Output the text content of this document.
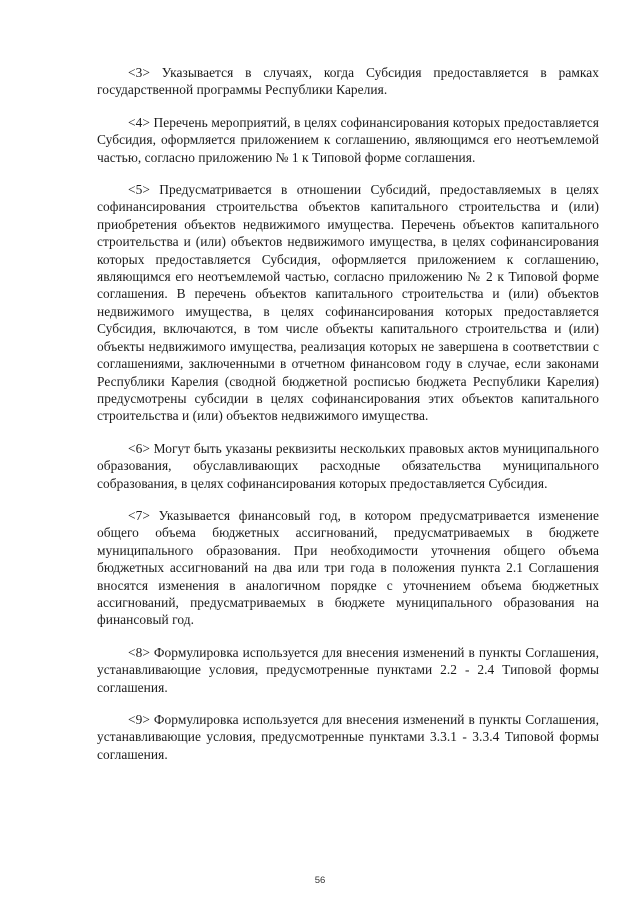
<3> Указывается в случаях, когда Субсидия предоставляется в рамках государственной программы Республики Карелия.

<4> Перечень мероприятий, в целях софинансирования которых предоставляется Субсидия, оформляется приложением к соглашению, являющимся его неотъемлемой частью, согласно приложению № 1 к Типовой форме соглашения.

<5> Предусматривается в отношении Субсидий, предоставляемых в целях софинансирования строительства объектов капитального строительства и (или) приобретения объектов недвижимого имущества. Перечень объектов капитального строительства и (или) объектов недвижимого имущества, в целях софинансирования которых предоставляется Субсидия, оформляется приложением к соглашению, являющимся его неотъемлемой частью, согласно приложению № 2 к Типовой форме соглашения. В перечень объектов капитального строительства и (или) объектов недвижимого имущества, в целях софинансирования которых предоставляется Субсидия, включаются, в том числе объекты капитального строительства и (или) объекты недвижимого имущества, реализация которых не завершена в соответствии с соглашениями, заключенными в отчетном финансовом году в случае, если законами Республики Карелия (сводной бюджетной росписью бюджета Республики Карелия) предусмотрены субсидии в целях софинансирования этих объектов капитального строительства и (или) объектов недвижимого имущества.

<6> Могут быть указаны реквизиты нескольких правовых актов муниципального образования, обуславливающих расходные обязательства муниципального собразования, в целях софинансирования которых предоставляется Субсидия.

<7> Указывается финансовый год, в котором предусматривается изменение общего объема бюджетных ассигнований, предусматриваемых в бюджете муниципального образования. При необходимости уточнения общего объема бюджетных ассигнований на два или три года в положения пункта 2.1 Соглашения вносятся изменения в аналогичном порядке с уточнением объема бюджетных ассигнований, предусматриваемых в бюджете муниципального образования на финансовый год.

<8> Формулировка используется для внесения изменений в пункты Соглашения, устанавливающие условия, предусмотренные пунктами 2.2 - 2.4 Типовой формы соглашения.

<9> Формулировка используется для внесения изменений в пункты Соглашения, устанавливающие условия, предусмотренные пунктами 3.3.1 - 3.3.4 Типовой формы соглашения.

56
